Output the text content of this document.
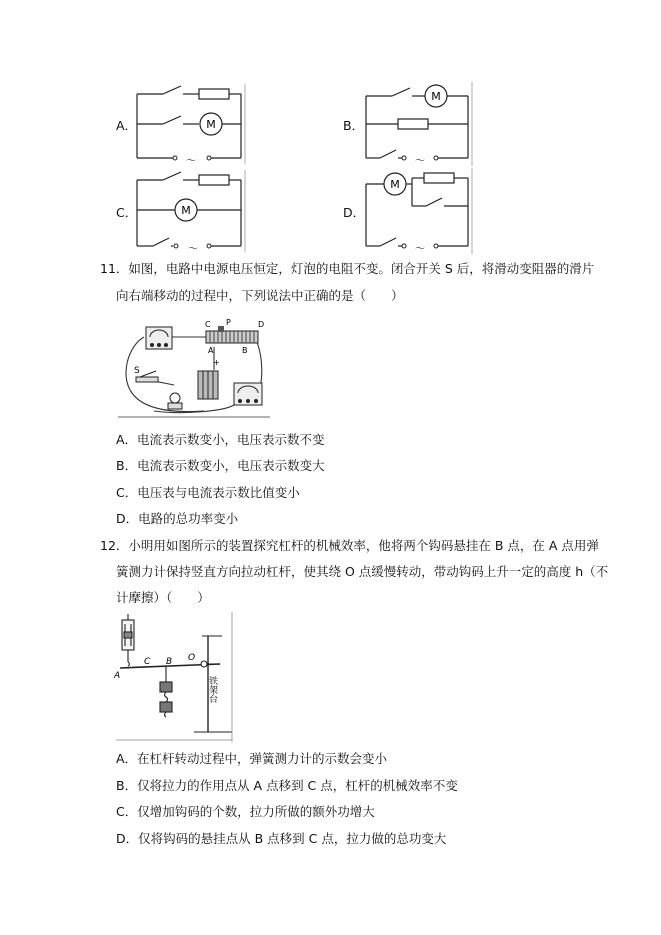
A．	B．
C．	D．
M
～
M
～
M
～
M
～
11．如图，电路中电源电压恒定，灯泡的电阻不变。闭合开关 S 后，将滑动变阻器的滑片
向右端移动的过程中，下列说法中正确的是（　　）
C P	D
A	B
+
S
A．电流表示数变小，电压表示数不变
B．电流表示数变小，电压表示数变大
C．电压表与电流表示数比值变小
D．电路的总功率变小
12．小明用如图所示的装置探究杠杆的机械效率，他将两个钩码悬挂在 B 点，在 A 点用弹
簧测力计保持竖直方向拉动杠杆，使其绕 O 点缓慢转动，带动钩码上升一定的高度 h（不
计摩擦）（　　）
A
C B O
铁架台
A．在杠杆转动过程中，弹簧测力计的示数会变小
B．仅将拉力的作用点从 A 点移到 C 点，杠杆的机械效率不变
C．仅增加钩码的个数，拉力所做的额外功增大
D．仅将钩码的悬挂点从 B 点移到 C 点，拉力做的总功变大
